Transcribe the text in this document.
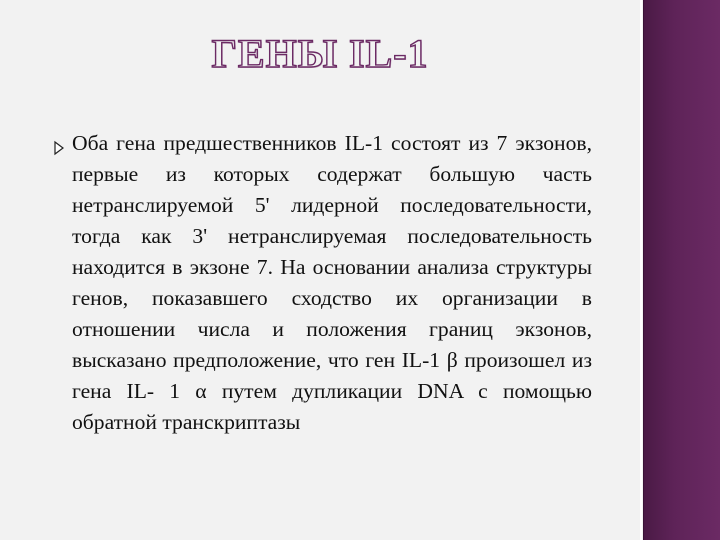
ГЕНЫ IL-1
Оба гена предшественников IL-1 состоят из 7 экзонов, первые из которых содержат большую часть нетранслируемой 5' лидерной последовательности, тогда как 3' нетранслируемая последовательность находится в экзоне 7. На основании анализа структуры генов, показавшего сходство их организации в отношении числа и положения границ экзонов, высказано предположение, что ген IL-1 β произошел из гена IL- 1 α путем дупликации DNA с помощью обратной транскриптазы
